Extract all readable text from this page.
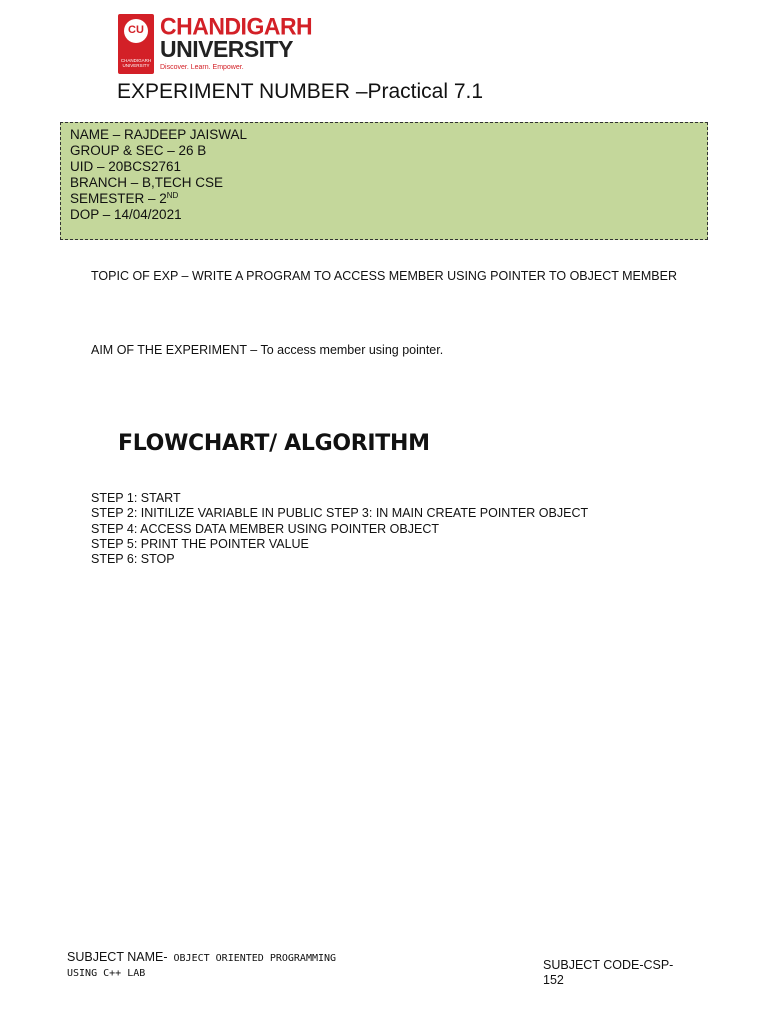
CU
CHANDIGARH UNIVERSITY
CHANDIGARH
UNIVERSITY
Discover. Learn. Empower.
EXPERIMENT NUMBER –Practical 7.1
NAME – RAJDEEP JAISWAL
GROUP & SEC – 26 B
UID – 20BCS2761
BRANCH – B,TECH CSE
SEMESTER – 2ND
DOP – 14/04/2021
TOPIC OF EXP – WRITE A PROGRAM TO ACCESS MEMBER USING POINTER TO OBJECT MEMBER
AIM OF THE EXPERIMENT – To access member using pointer.
FLOWCHART/ ALGORITHM
STEP 1: START
STEP 2: INITILIZE VARIABLE IN PUBLIC STEP 3: IN MAIN CREATE POINTER OBJECT
STEP 4: ACCESS DATA MEMBER USING POINTER OBJECT
STEP 5: PRINT THE POINTER VALUE
STEP 6: STOP
SUBJECT NAME- OBJECT ORIENTED PROGRAMMING
USING C++ LAB
SUBJECT CODE-CSP-
152
